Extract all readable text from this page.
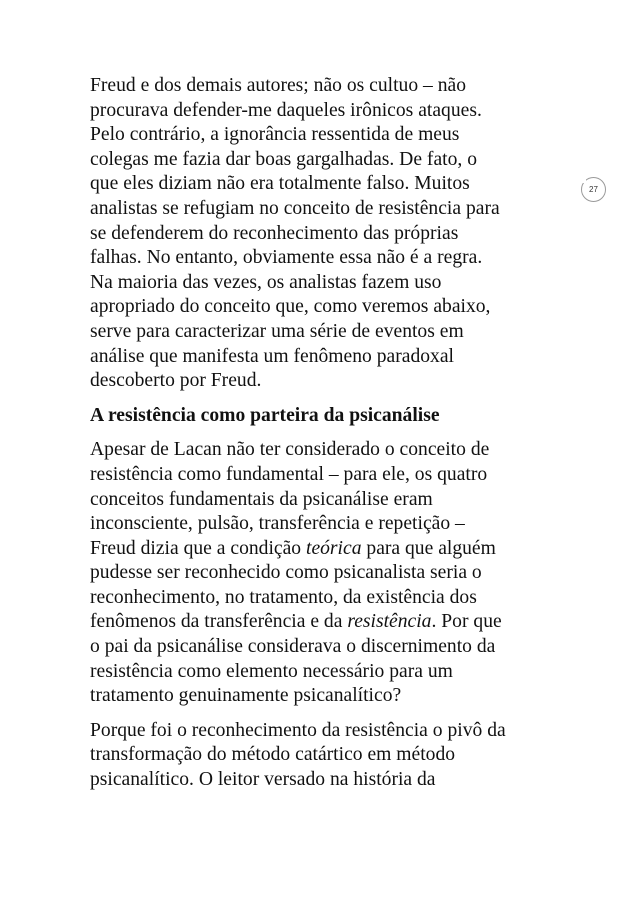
27
Freud e dos demais autores; não os cultuo – não
procurava defender-me daqueles irônicos ataques.
Pelo contrário, a ignorância ressentida de meus
colegas me fazia dar boas gargalhadas. De fato, o
que eles diziam não era totalmente falso. Muitos
analistas se refugiam no conceito de resistência para
se defenderem do reconhecimento das próprias
falhas. No entanto, obviamente essa não é a regra.
Na maioria das vezes, os analistas fazem uso
apropriado do conceito que, como veremos abaixo,
serve para caracterizar uma série de eventos em
análise que manifesta um fenômeno paradoxal
descoberto por Freud.
A resistência como parteira da psicanálise
Apesar de Lacan não ter considerado o conceito de
resistência como fundamental – para ele, os quatro
conceitos fundamentais da psicanálise eram
inconsciente, pulsão, transferência e repetição –
Freud dizia que a condição teórica para que alguém
pudesse ser reconhecido como psicanalista seria o
reconhecimento, no tratamento, da existência dos
fenômenos da transferência e da resistência. Por que
o pai da psicanálise considerava o discernimento da
resistência como elemento necessário para um
tratamento genuinamente psicanalítico?
Porque foi o reconhecimento da resistência o pivô da
transformação do método catártico em método
psicanalítico. O leitor versado na história da
